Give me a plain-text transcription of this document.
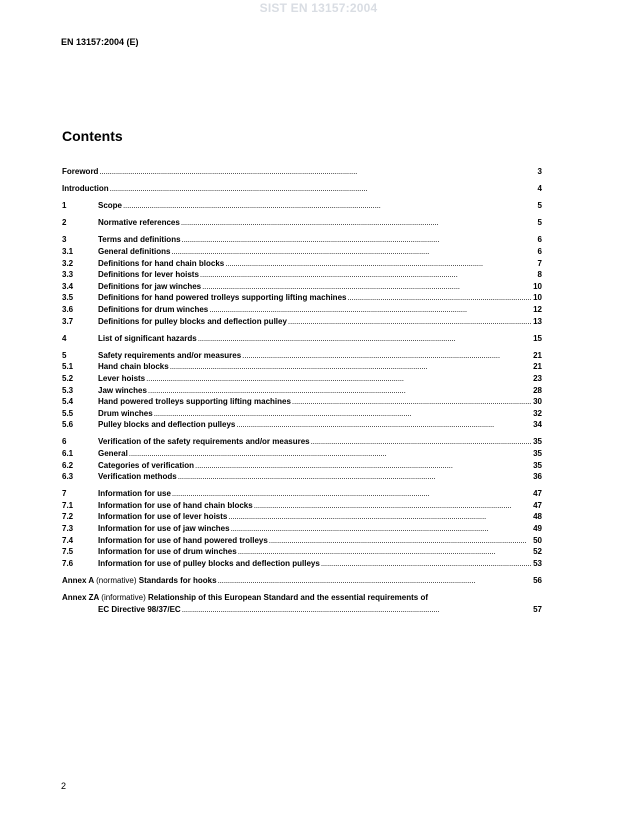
SIST EN 13157:2004
EN 13157:2004 (E)
Contents
Foreword . . .	3
Introduction . . .	4
1	Scope . . .	5
2	Normative references . . .	5
3	Terms and definitions . . .	6
3.1	General definitions . . .	6
3.2	Definitions for hand chain blocks . . .	7
3.3	Definitions for lever hoists . . .	8
3.4	Definitions for jaw winches . . .	10
3.5	Definitions for hand powered trolleys supporting lifting machines . . .	10
3.6	Definitions for drum winches . . .	12
3.7	Definitions for pulley blocks and deflection pulley . . .	13
4	List of significant hazards . . .	15
5	Safety requirements and/or measures . . .	21
5.1	Hand chain blocks . . .	21
5.2	Lever hoists . . .	23
5.3	Jaw winches . . .	28
5.4	Hand powered trolleys supporting lifting machines . . .	30
5.5	Drum winches . . .	32
5.6	Pulley blocks and deflection pulleys . . .	34
6	Verification of the safety requirements and/or measures . . .	35
6.1	General . . .	35
6.2	Categories of verification . . .	35
6.3	Verification methods . . .	36
7	Information for use . . .	47
7.1	Information for use of hand chain blocks . . .	47
7.2	Information for use of lever hoists . . .	48
7.3	Information for use of jaw winches . . .	49
7.4	Information for use of hand powered trolleys . . .	50
7.5	Information for use of drum winches . . .	52
7.6	Information for use of pulley blocks and deflection pulleys . . .	53
Annex A (normative) Standards for hooks . . .	56
Annex ZA (informative) Relationship of this European Standard and the essential requirements of
EC Directive 98/37/EC . . .	57
2
